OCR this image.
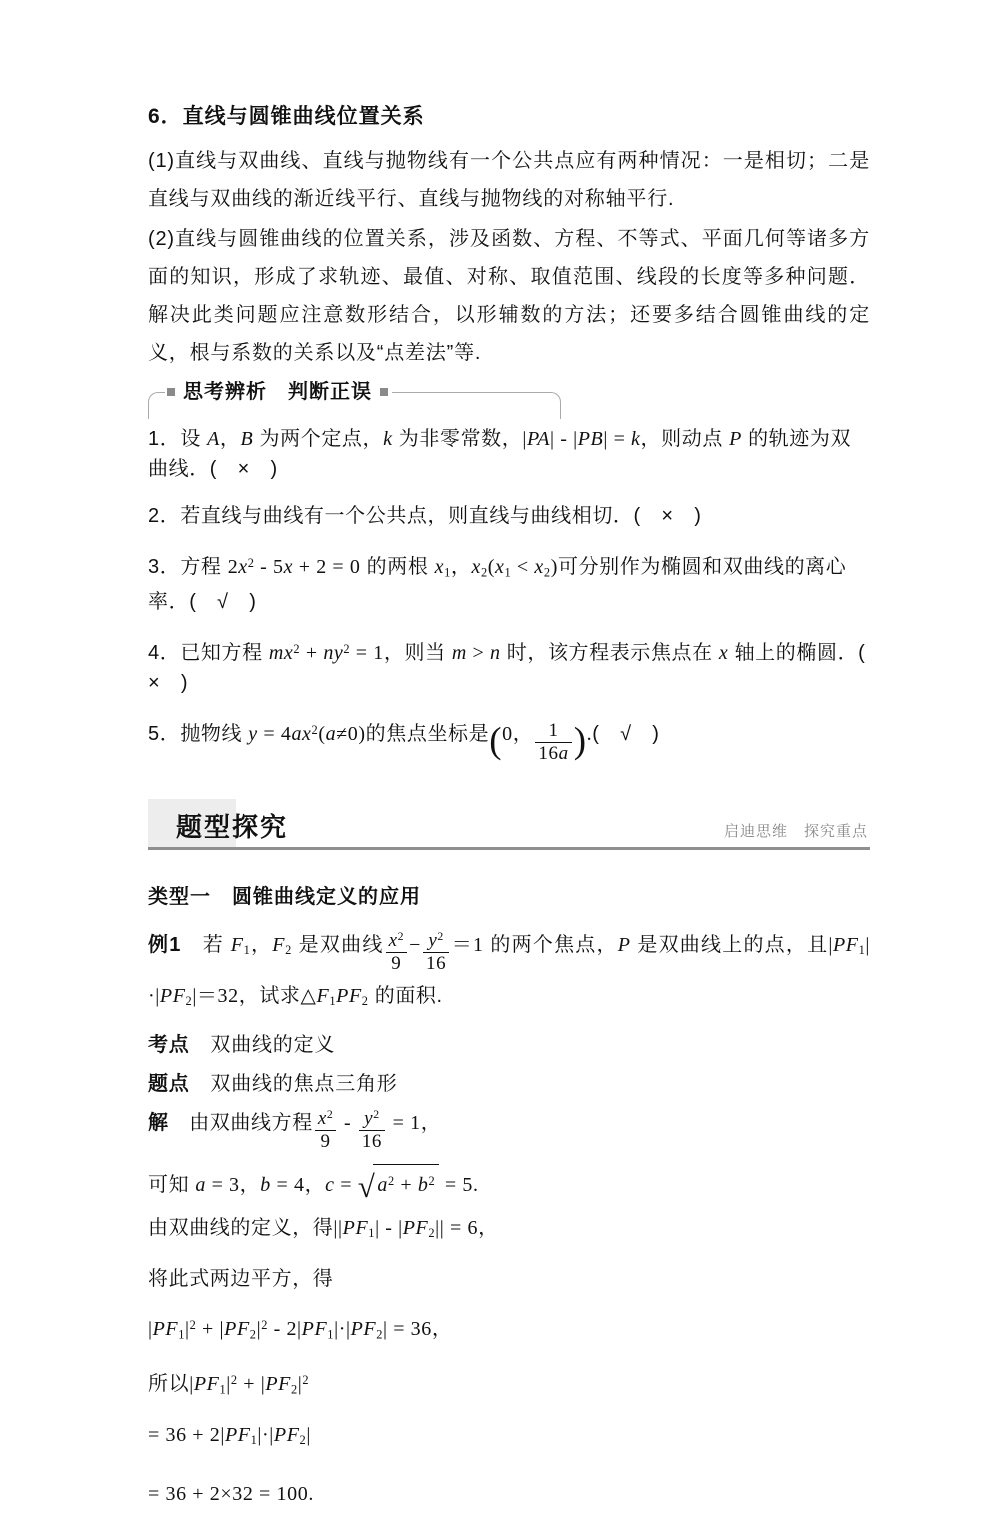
6．直线与圆锥曲线位置关系

(1)直线与双曲线、直线与抛物线有一个公共点应有两种情况：一是相切；二是直线与双曲线的渐近线平行、直线与抛物线的对称轴平行.

(2)直线与圆锥曲线的位置关系，涉及函数、方程、不等式、平面几何等诸多方面的知识，形成了求轨迹、最值、对称、取值范围、线段的长度等多种问题．解决此类问题应注意数形结合，以形辅数的方法；还要多结合圆锥曲线的定义，根与系数的关系以及“点差法”等.

思考辨析　判断正误
1．设 A，B 为两个定点，k 为非零常数，|PA| - |PB| = k，则动点 P 的轨迹为双曲线．(　×　)
2．若直线与曲线有一个公共点，则直线与曲线相切．(　×　)
3．方程 $2x^2 - 5x + 2 = 0$ 的两根 $x_1$，$x_2(x_1 < x_2)$可分别作为椭圆和双曲线的离心率．(　√　)
4．已知方程 $mx^2 + ny^2 = 1$，则当 m > n 时，该方程表示焦点在 x 轴上的椭圆．(　×　)
5．抛物线 $y = 4ax^2(a\ne 0)$的焦点坐标是(0， $\frac{1}{16a}$ ).(　√　)
题型探究	启迪思维　探究重点
类型一　圆锥曲线定义的应用
例1　若 $F_1$，$F_2$ 是双曲线 $\frac{x^2}{9} - \frac{y^2}{16} =1$ 的两个焦点，P 是双曲线上的点，且$|PF_1|\cdot|PF_2|=32$，试求$\triangle F_1PF_2$ 的面积.
考点　双曲线的定义
题点　双曲线的焦点三角形
解　由双曲线方程 $\frac{x^2}{9} - \frac{y^2}{16} = 1$，
可知 a = 3，b = 4，c = √ $a^2 + b^2 = 5$.
由双曲线的定义，得$||PF_1| - |PF_2|| = 6$，
将此式两边平方，得
$|PF_1|^2 + |PF_2|^2 - 2|PF_1|\cdot|PF_2| = 36$，
所以$|PF_1|^2 + |PF_2|^2$
= $36 + 2|PF_1|\cdot|PF_2|$
= 36 + 2×32 = 100.
